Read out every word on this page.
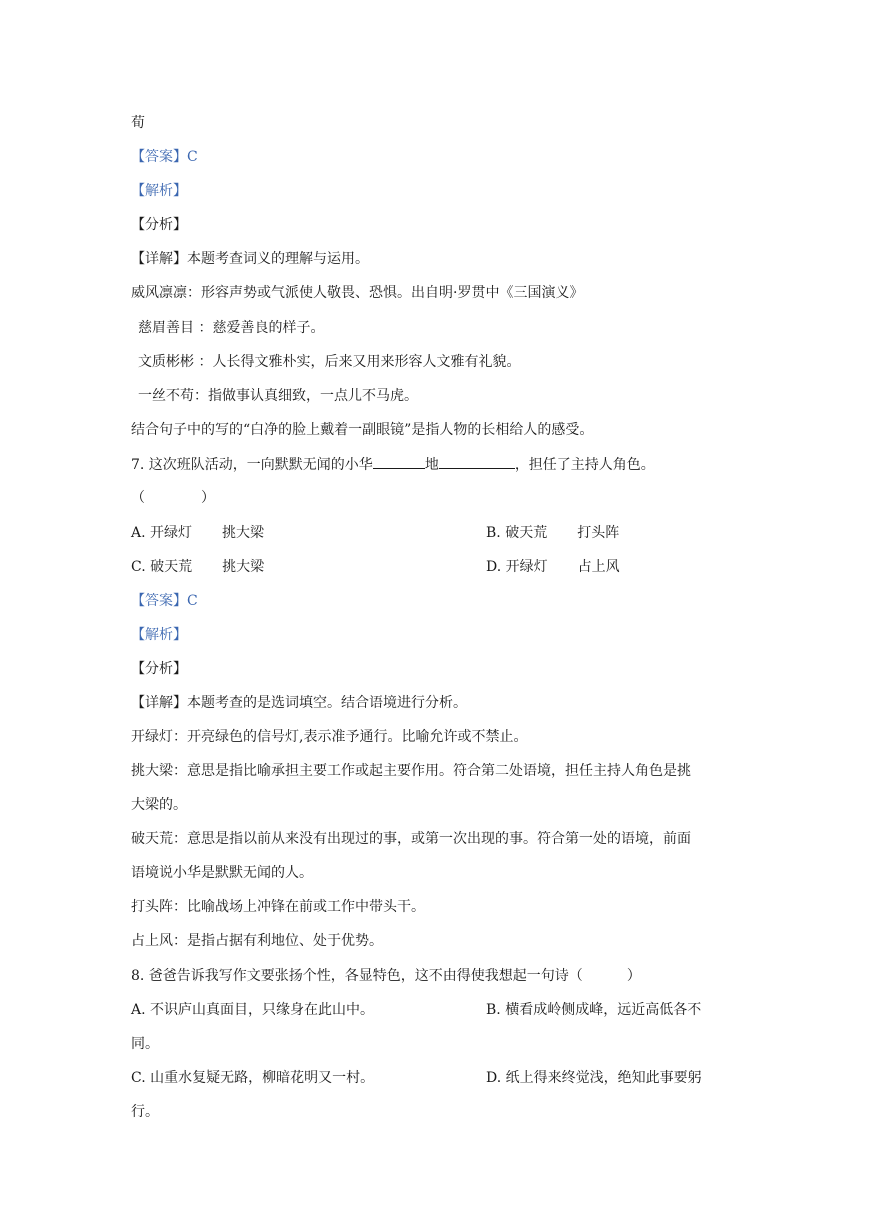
荀
【答案】C
【解析】
【分析】
【详解】本题考查词义的理解与运用。
威风凛凛：形容声势或气派使人敬畏、恐惧。出自明·罗贯中《三国演义》
慈眉善目 ：慈爱善良的样子。
文质彬彬 ：人长得文雅朴实，后来又用来形容人文雅有礼貌。
一丝不苟：指做事认真细致，一点儿不马虎。
结合句子中的写的“白净的脸上戴着一副眼镜”是指人物的长相给人的感受。
7. 这次班队活动，一向默默无闻的小华	地	，担任了主持人角色。
（	）
A. 开绿灯 挑大梁	B. 破天荒 打头阵
C. 破天荒 挑大梁	D. 开绿灯 占上风
【答案】C
【解析】
【分析】
【详解】本题考查的是选词填空。结合语境进行分析。
开绿灯：开亮绿色的信号灯,表示准予通行。比喻允许或不禁止。
挑大梁：意思是指比喻承担主要工作或起主要作用。符合第二处语境，担任主持人角色是挑
大梁的。
破天荒：意思是指以前从来没有出现过的事，或第一次出现的事。符合第一处的语境，前面
语境说小华是默默无闻的人。
打头阵：比喻战场上冲锋在前或工作中带头干。
占上风：是指占据有利地位、处于优势。
8. 爸爸告诉我写作文要张扬个性，各显特色，这不由得使我想起一句诗（	）
A. 不识庐山真面目，只缘身在此山中。	B. 横看成岭侧成峰，远近高低各不
同。
C. 山重水复疑无路，柳暗花明又一村。	D. 纸上得来终觉浅，绝知此事要躬
行。
